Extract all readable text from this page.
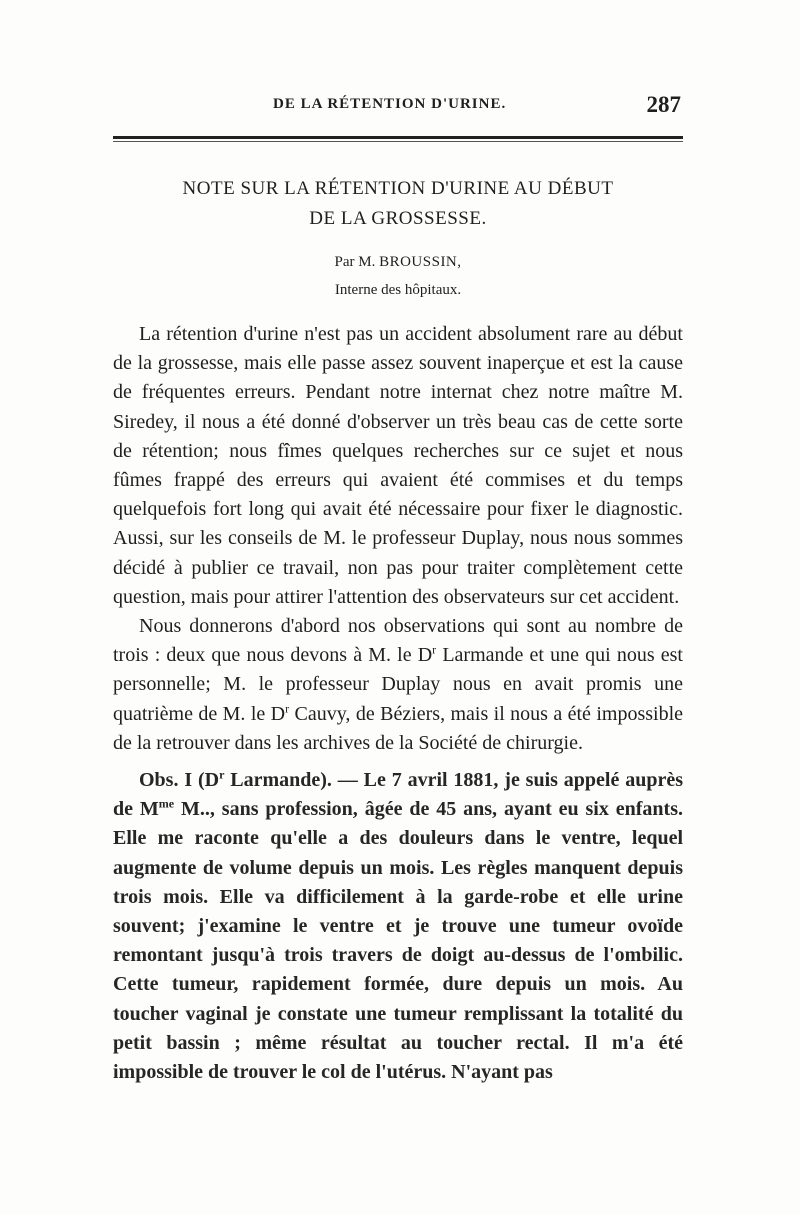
DE LA RÉTENTION D'URINE.	287
NOTE SUR LA RÉTENTION D'URINE AU DÉBUT
DE LA GROSSESSE.
Par M. BROUSSIN,
Interne des hôpitaux.

La rétention d'urine n'est pas un accident absolument rare au début de la grossesse, mais elle passe assez souvent inaperçue et est la cause de fréquentes erreurs. Pendant notre internat chez notre maître M. Siredey, il nous a été donné d'observer un très beau cas de cette sorte de rétention; nous fîmes quelques recherches sur ce sujet et nous fûmes frappé des erreurs qui avaient été commises et du temps quelquefois fort long qui avait été nécessaire pour fixer le diagnostic. Aussi, sur les conseils de M. le professeur Duplay, nous nous sommes décidé à publier ce travail, non pas pour traiter complètement cette question, mais pour attirer l'attention des observateurs sur cet accident.

Nous donnerons d'abord nos observations qui sont au nombre de trois : deux que nous devons à M. le $D^r$ Larmande et une qui nous est personnelle; M. le professeur Duplay nous en avait promis une quatrième de M. le $D^r$ Cauvy, de Béziers, mais il nous a été impossible de la retrouver dans les archives de la Société de chirurgie.

Obs. I ($D^r$ Larmande). — Le 7 avril 1881, je suis appelé auprès de $M^{me}$ M.., sans profession, âgée de 45 ans, ayant eu six enfants. Elle me raconte qu'elle a des douleurs dans le ventre, lequel augmente de volume depuis un mois. Les règles manquent depuis trois mois. Elle va difficilement à la garde-robe et elle urine souvent; j'examine le ventre et je trouve une tumeur ovoïde remontant jusqu'à trois travers de doigt au-dessus de l'ombilic. Cette tumeur, rapidement formée, dure depuis un mois. Au toucher vaginal je constate une tumeur remplissant la totalité du petit bassin ; même résultat au toucher rectal. Il m'a été impossible de trouver le col de l'utérus. N'ayant pas
